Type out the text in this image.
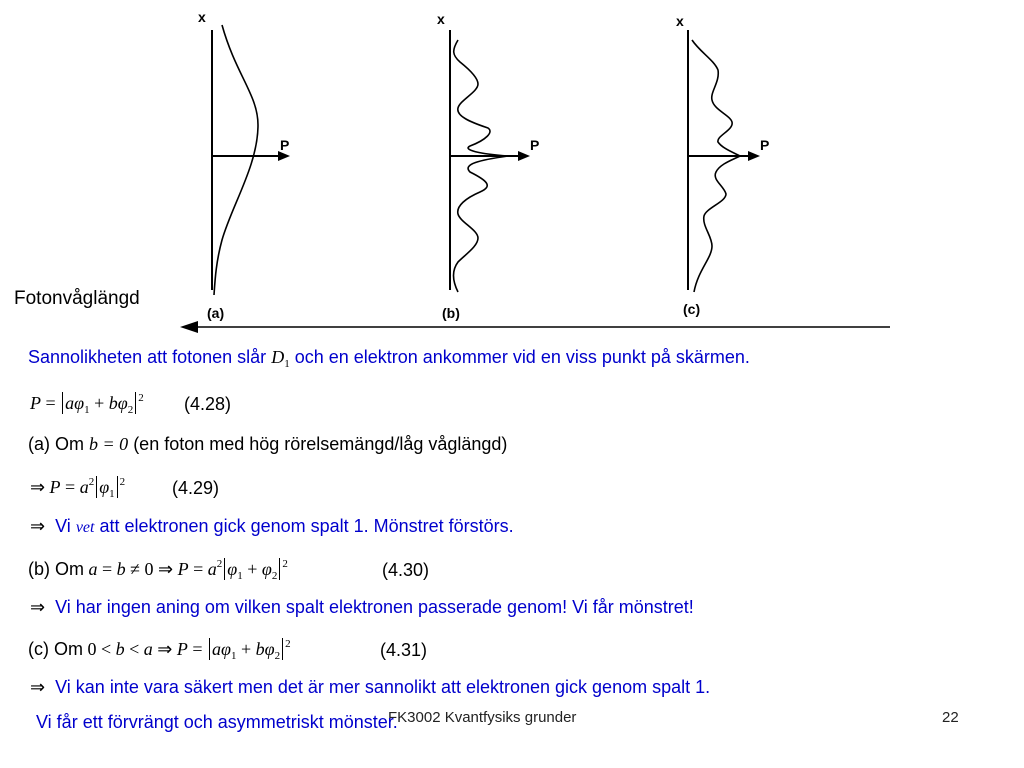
x
P
(a)
x
P
(b)
x
P
(c)
Fotonvåglängd
Sannolikheten att fotonen slår $D_1$ och en elektron ankommer vid en viss punkt på skärmen.
$P = a\varphi_1 + b\varphi_2^2$ (4.28)
(a) Om b = 0 (en foton med hög rörelsemängd/låg våglängd)
⇒ $P = a^2$ $\varphi_1^2$	(4.29)
⇒ Vi vet att elektronen gick genom spalt 1. Mönstret förstörs.
(b) Om a = b ≠ 0 ⇒ $P = a^2$ $\varphi_1 + \varphi_2^2$	(4.30)
⇒ Vi har ingen aning om vilken spalt elektronen passerade genom! Vi får mönstret!
(c) Om 0 < b < a ⇒ $P = a\varphi_1 + b\varphi_2^2$	(4.31)
⇒ Vi kan inte vara säkert men det är mer sannolikt att elektronen gick genom spalt 1.
FK3002 Kvantfysiks grunder
Vi får ett förvrängt och asymmetriskt mönster.	22
